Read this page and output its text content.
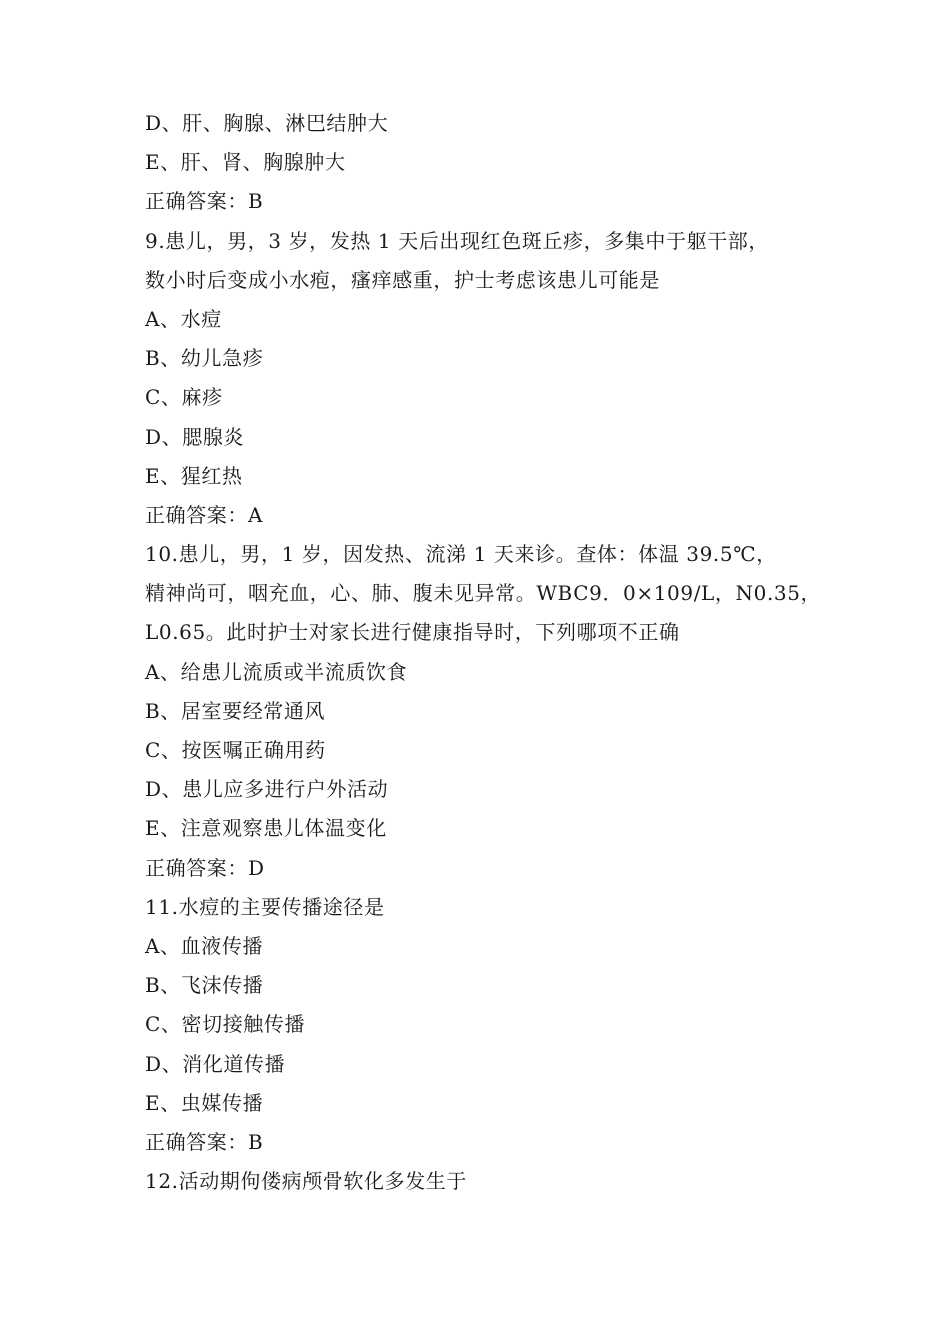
D、肝、胸腺、淋巴结肿大
E、肝、肾、胸腺肿大
正确答案：B
9.患儿，男，3 岁，发热 1 天后出现红色斑丘疹，多集中于躯干部，
数小时后变成小水疱，瘙痒感重，护士考虑该患儿可能是
A、水痘
B、幼儿急疹
C、麻疹
D、腮腺炎
E、猩红热
正确答案：A
10.患儿，男，1 岁，因发热、流涕 1 天来诊。查体：体温 39.5℃，
精神尚可，咽充血，心、肺、腹未见异常。WBC9．0×109/L，N0.35，
L0.65。此时护士对家长进行健康指导时，下列哪项不正确
A、给患儿流质或半流质饮食
B、居室要经常通风
C、按医嘱正确用药
D、患儿应多进行户外活动
E、注意观察患儿体温变化
正确答案：D
11.水痘的主要传播途径是
A、血液传播
B、飞沫传播
C、密切接触传播
D、消化道传播
E、虫媒传播
正确答案：B
12.活动期佝偻病颅骨软化多发生于
